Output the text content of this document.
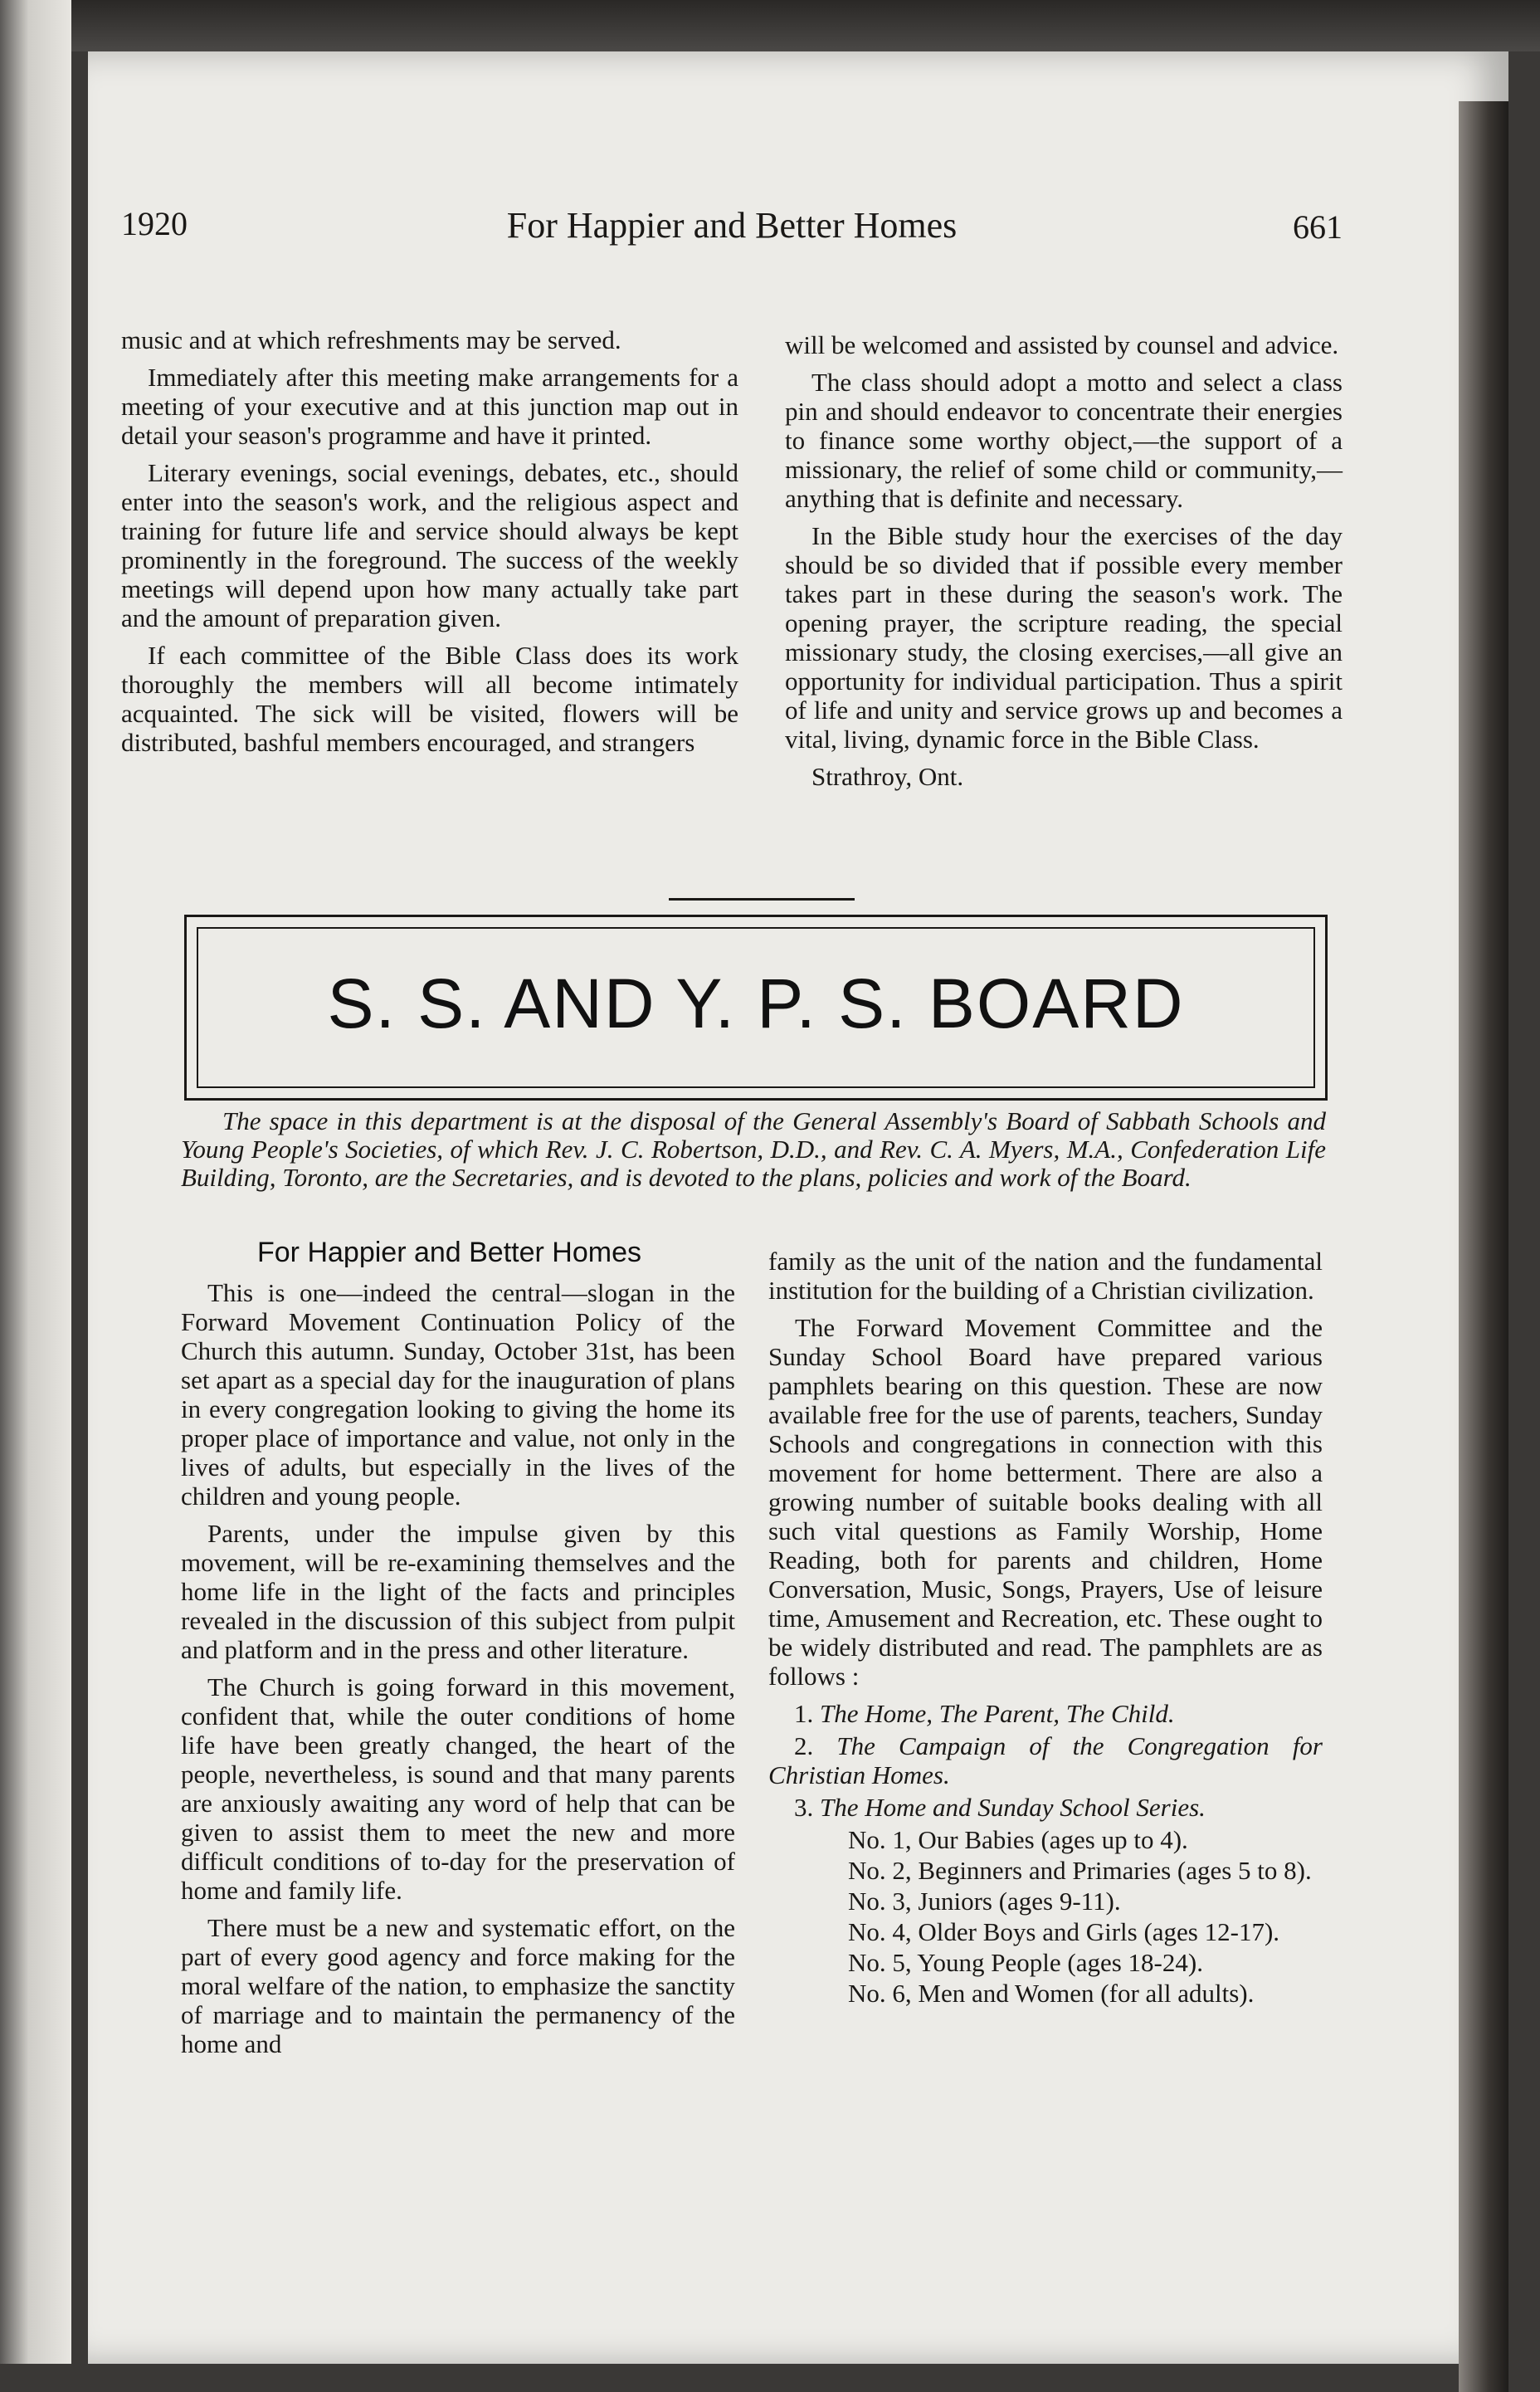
1920	For Happier and Better Homes	661

music and at which refreshments may be served.

Immediately after this meeting make arrangements for a meeting of your executive and at this junction map out in detail your season's programme and have it printed.

Literary evenings, social evenings, debates, etc., should enter into the season's work, and the religious aspect and training for future life and service should always be kept prominently in the foreground. The success of the weekly meetings will depend upon how many actually take part and the amount of preparation given.

If each committee of the Bible Class does its work thoroughly the members will all become intimately acquainted. The sick will be visited, flowers will be distributed, bashful members encouraged, and strangers

will be welcomed and assisted by counsel and advice.

The class should adopt a motto and select a class pin and should endeavor to concentrate their energies to finance some worthy object,—the support of a missionary, the relief of some child or community,—anything that is definite and necessary.

In the Bible study hour the exercises of the day should be so divided that if possible every member takes part in these during the season's work. The opening prayer, the scripture reading, the special missionary study, the closing exercises,—all give an opportunity for individual participation. Thus a spirit of life and unity and service grows up and becomes a vital, living, dynamic force in the Bible Class.

Strathroy, Ont.

S. S. AND Y. P. S. BOARD
The space in this department is at the disposal of the General Assembly's Board of Sabbath Schools and Young People's Societies, of which Rev. J. C. Robertson, D.D., and Rev. C. A. Myers, M.A., Confederation Life Building, Toronto, are the Secretaries, and is devoted to the plans, policies and work of the Board.
For Happier and Better Homes

This is one—indeed the central—slogan in the Forward Movement Continuation Policy of the Church this autumn. Sunday, October 31st, has been set apart as a special day for the inauguration of plans in every congregation looking to giving the home its proper place of importance and value, not only in the lives of adults, but especially in the lives of the children and young people.

Parents, under the impulse given by this movement, will be re-examining themselves and the home life in the light of the facts and principles revealed in the discussion of this subject from pulpit and platform and in the press and other literature.

The Church is going forward in this movement, confident that, while the outer conditions of home life have been greatly changed, the heart of the people, nevertheless, is sound and that many parents are anxiously awaiting any word of help that can be given to assist them to meet the new and more difficult conditions of to-day for the preservation of home and family life.

There must be a new and systematic effort, on the part of every good agency and force making for the moral welfare of the nation, to emphasize the sanctity of marriage and to maintain the permanency of the home and

family as the unit of the nation and the fundamental institution for the building of a Christian civilization.

The Forward Movement Committee and the Sunday School Board have prepared various pamphlets bearing on this question. These are now available free for the use of parents, teachers, Sunday Schools and congregations in connection with this movement for home betterment. There are also a growing number of suitable books dealing with all such vital questions as Family Worship, Home Reading, both for parents and children, Home Conversation, Music, Songs, Prayers, Use of leisure time, Amusement and Recreation, etc. These ought to be widely distributed and read. The pamphlets are as follows :

 1. The Home, The Parent, The Child.
 2. The Campaign of the Congregation for Christian Homes.
 3. The Home and Sunday School Series.
No. 1, Our Babies (ages up to 4).
No. 2, Beginners and Primaries (ages 5 to 8).
No. 3, Juniors (ages 9-11).
No. 4, Older Boys and Girls (ages 12-17).
No. 5, Young People (ages 18-24).
No. 6, Men and Women (for all adults).
